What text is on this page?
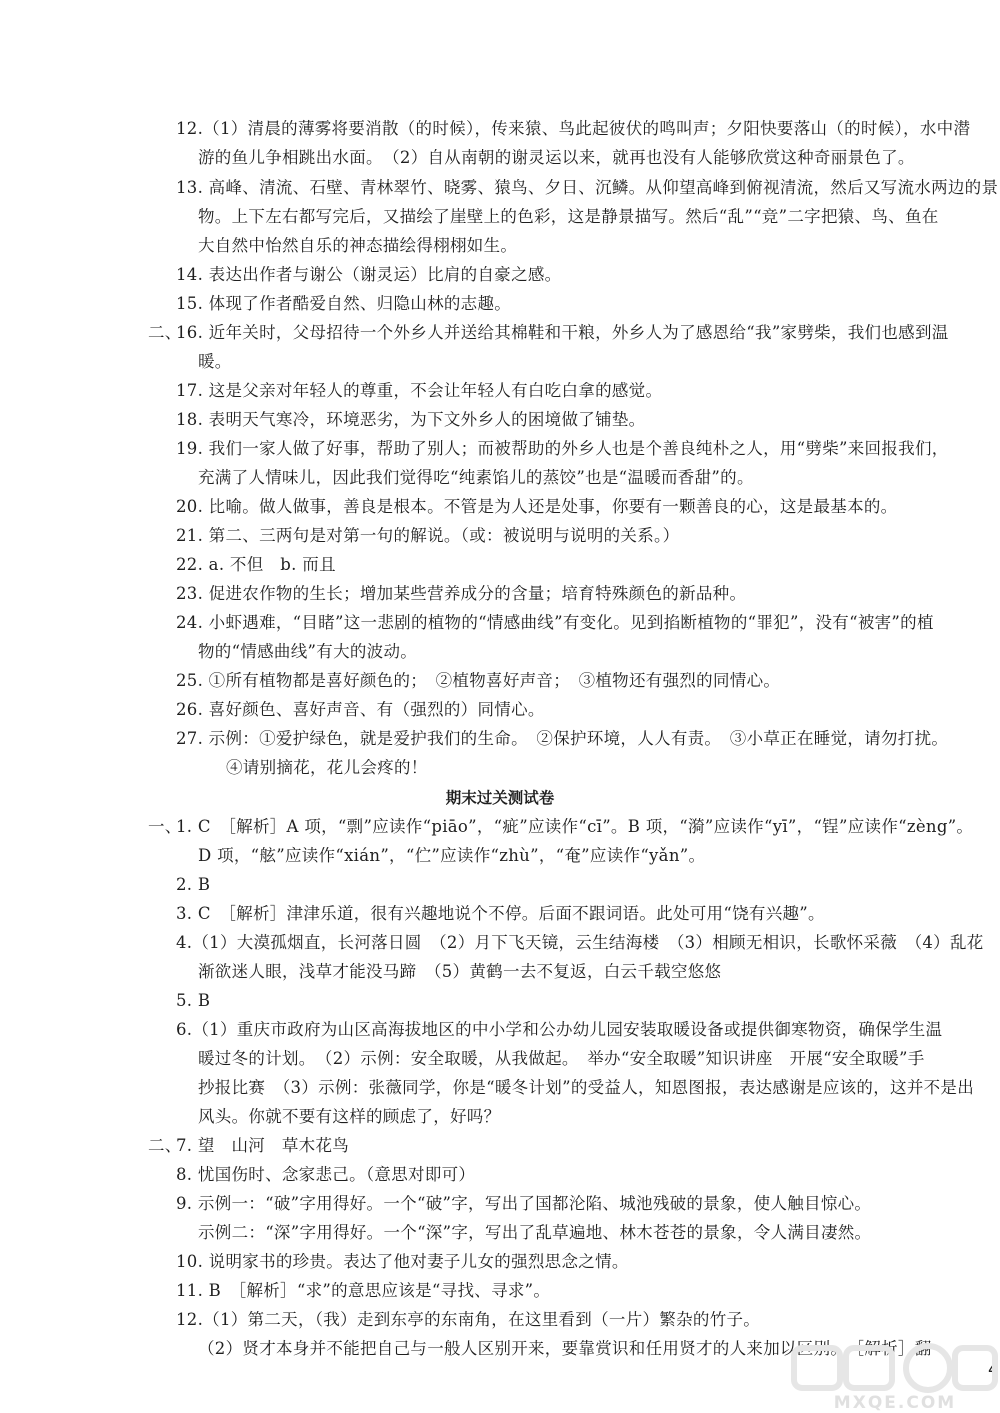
12.（1）清晨的薄雾将要消散（的时候），传来猿、鸟此起彼伏的鸣叫声；夕阳快要落山（的时候），水中潜
游的鱼儿争相跳出水面。　（2）自从南朝的谢灵运以来，就再也没有人能够欣赏这种奇丽景色了。
13. 高峰、清流、石壁、青林翠竹、晓雾、猿鸟、夕日、沉鳞。从仰望高峰到俯视清流，然后又写流水两边的景
物。上下左右都写完后，又描绘了崖壁上的色彩，这是静景描写。然后“乱”“竞”二字把猿、鸟、鱼在
大自然中怡然自乐的神态描绘得栩栩如生。
14. 表达出作者与谢公（谢灵运）比肩的自豪之感。
15. 体现了作者酷爱自然、归隐山林的志趣。
二、
16. 近年关时，父母招待一个外乡人并送给其棉鞋和干粮，外乡人为了感恩给“我”家劈柴，我们也感到温
暖。
17. 这是父亲对年轻人的尊重，不会让年轻人有白吃白拿的感觉。
18. 表明天气寒冷，环境恶劣，为下文外乡人的困境做了铺垫。
19. 我们一家人做了好事，帮助了别人；而被帮助的外乡人也是个善良纯朴之人，用“劈柴”来回报我们，
充满了人情味儿，因此我们觉得吃“纯素馅儿的蒸饺”也是“温暖而香甜”的。
20. 比喻。做人做事，善良是根本。不管是为人还是处事，你要有一颗善良的心，这是最基本的。
21. 第二、三两句是对第一句的解说。（或：被说明与说明的关系。）
22. a. 不但　b. 而且
23. 促进农作物的生长；增加某些营养成分的含量；培育特殊颜色的新品种。
24. 小虾遇难，“目睹”这一悲剧的植物的“情感曲线”有变化。见到掐断植物的“罪犯”，没有“被害”的植
物的“情感曲线”有大的波动。
25. ①所有植物都是喜好颜色的；　②植物喜好声音；　③植物还有强烈的同情心。
26. 喜好颜色、喜好声音、有（强烈的）同情心。
27. 示例：①爱护绿色，就是爱护我们的生命。　②保护环境，人人有责。　③小草正在睡觉，请勿打扰。
④请别摘花，花儿会疼的！
期末过关测试卷
一、
1. C　［解析］A 项，“剽”应读作“piāo”，“疵”应读作“cī”。B 项，“漪”应读作“yī”，“锃”应读作“zèng”。
D 项，“舷”应读作“xián”，“伫”应读作“zhù”，“奄”应读作“yǎn”。
2. B
3. C　［解析］津津乐道，很有兴趣地说个不停。后面不跟词语。此处可用“饶有兴趣”。
4.（1）大漠孤烟直，长河落日圆　（2）月下飞天镜，云生结海楼　（3）相顾无相识，长歌怀采薇　（4）乱花
渐欲迷人眼，浅草才能没马蹄　（5）黄鹤一去不复返，白云千载空悠悠
5. B
6.（1）重庆市政府为山区高海拔地区的中小学和公办幼儿园安装取暖设备或提供御寒物资，确保学生温
暖过冬的计划。　（2）示例：安全取暖，从我做起。　举办“安全取暖”知识讲座　开展“安全取暖”手
抄报比赛　（3）示例：张薇同学，你是“暖冬计划”的受益人，知恩图报，表达感谢是应该的，这并不是出
风头。你就不要有这样的顾虑了，好吗？
二、
7. 望　山河　草木花鸟
8. 忧国伤时、念家悲己。（意思对即可）
9. 示例一：“破”字用得好。一个“破”字，写出了国都沦陷、城池残破的景象，使人触目惊心。
示例二：“深”字用得好。一个“深”字，写出了乱草遍地、林木苍苍的景象，令人满目凄然。
10. 说明家书的珍贵。表达了他对妻子儿女的强烈思念之情。
11. B　［解析］“求”的意思应该是“寻找、寻求”。
12.（1）第二天，（我）走到东亭的东南角，在这里看到（一片）繁杂的竹子。
（2）贤才本身并不能把自己与一般人区别开来，要靠赏识和任用贤才的人来加以区别。　［解析］翻
4
MXQE.COM
